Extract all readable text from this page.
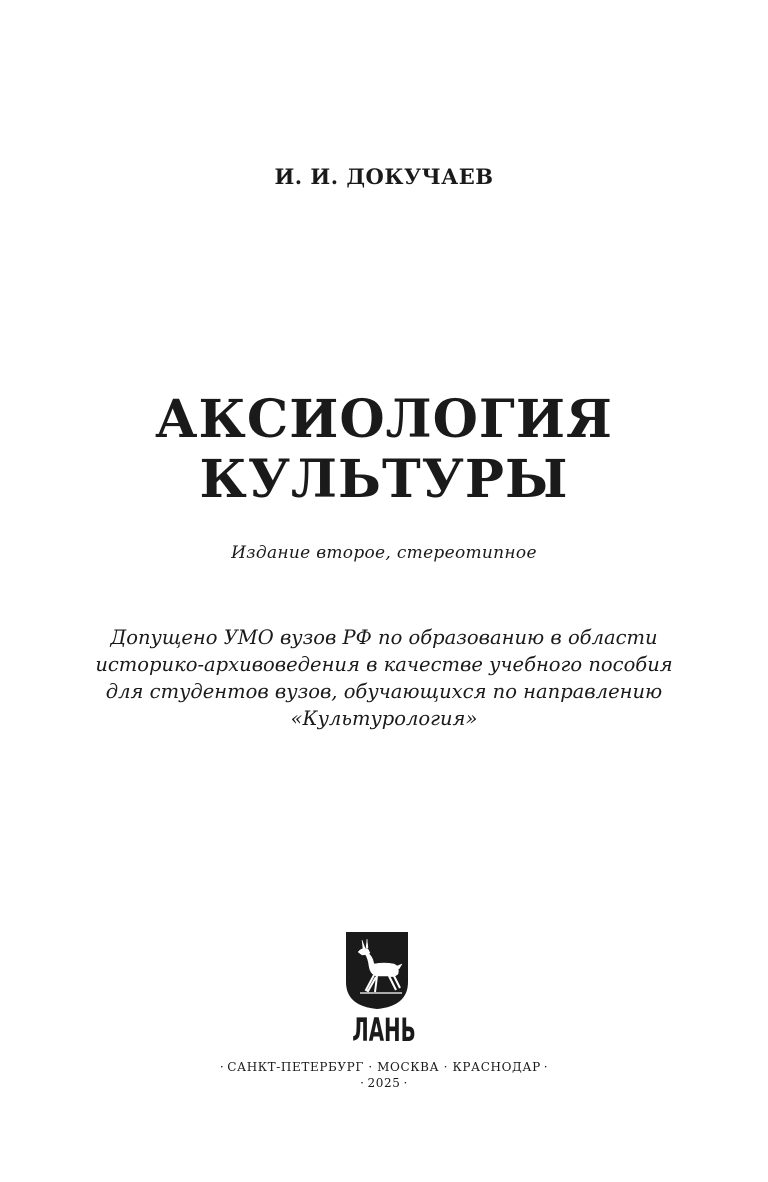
И. И. ДОКУЧАЕВ
АКСИОЛОГИЯ
КУЛЬТУРЫ
Издание второе, стереотипное
Допущено УМО вузов РФ по образованию в области
историко-архивоведения в качестве учебного пособия
для студентов вузов, обучающихся по направлению
«Культурология»
ЛАНЬ
· САНКТ-ПЕТЕРБУРГ · МОСКВА · КРАСНОДАР ·
· 2025 ·
